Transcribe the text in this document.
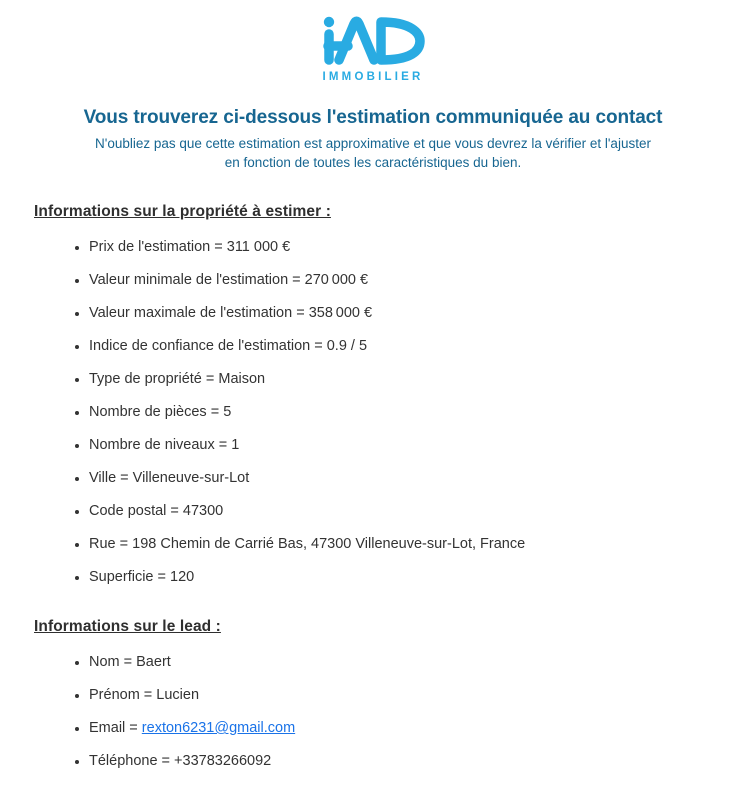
IMMOBILIER
Vous trouverez ci-dessous l'estimation communiquée au contact

N'oubliez pas que cette estimation est approximative et que vous devrez la vérifier et l'ajuster
en fonction de toutes les caractéristiques du bien.

Informations sur la propriété à estimer :
• Prix de l'estimation = 311 000 €
• Valeur minimale de l'estimation = 270 000 €
• Valeur maximale de l'estimation = 358 000 €
• Indice de confiance de l'estimation = 0.9 / 5
• Type de propriété = Maison
• Nombre de pièces = 5
• Nombre de niveaux = 1
• Ville = Villeneuve-sur-Lot
• Code postal = 47300
• Rue = 198 Chemin de Carrié Bas, 47300 Villeneuve-sur-Lot, France
• Superficie = 120
Informations sur le lead :
• Nom = Baert
• Prénom = Lucien
• Email = rexton6231@gmail.com
• Téléphone = +33783266092
